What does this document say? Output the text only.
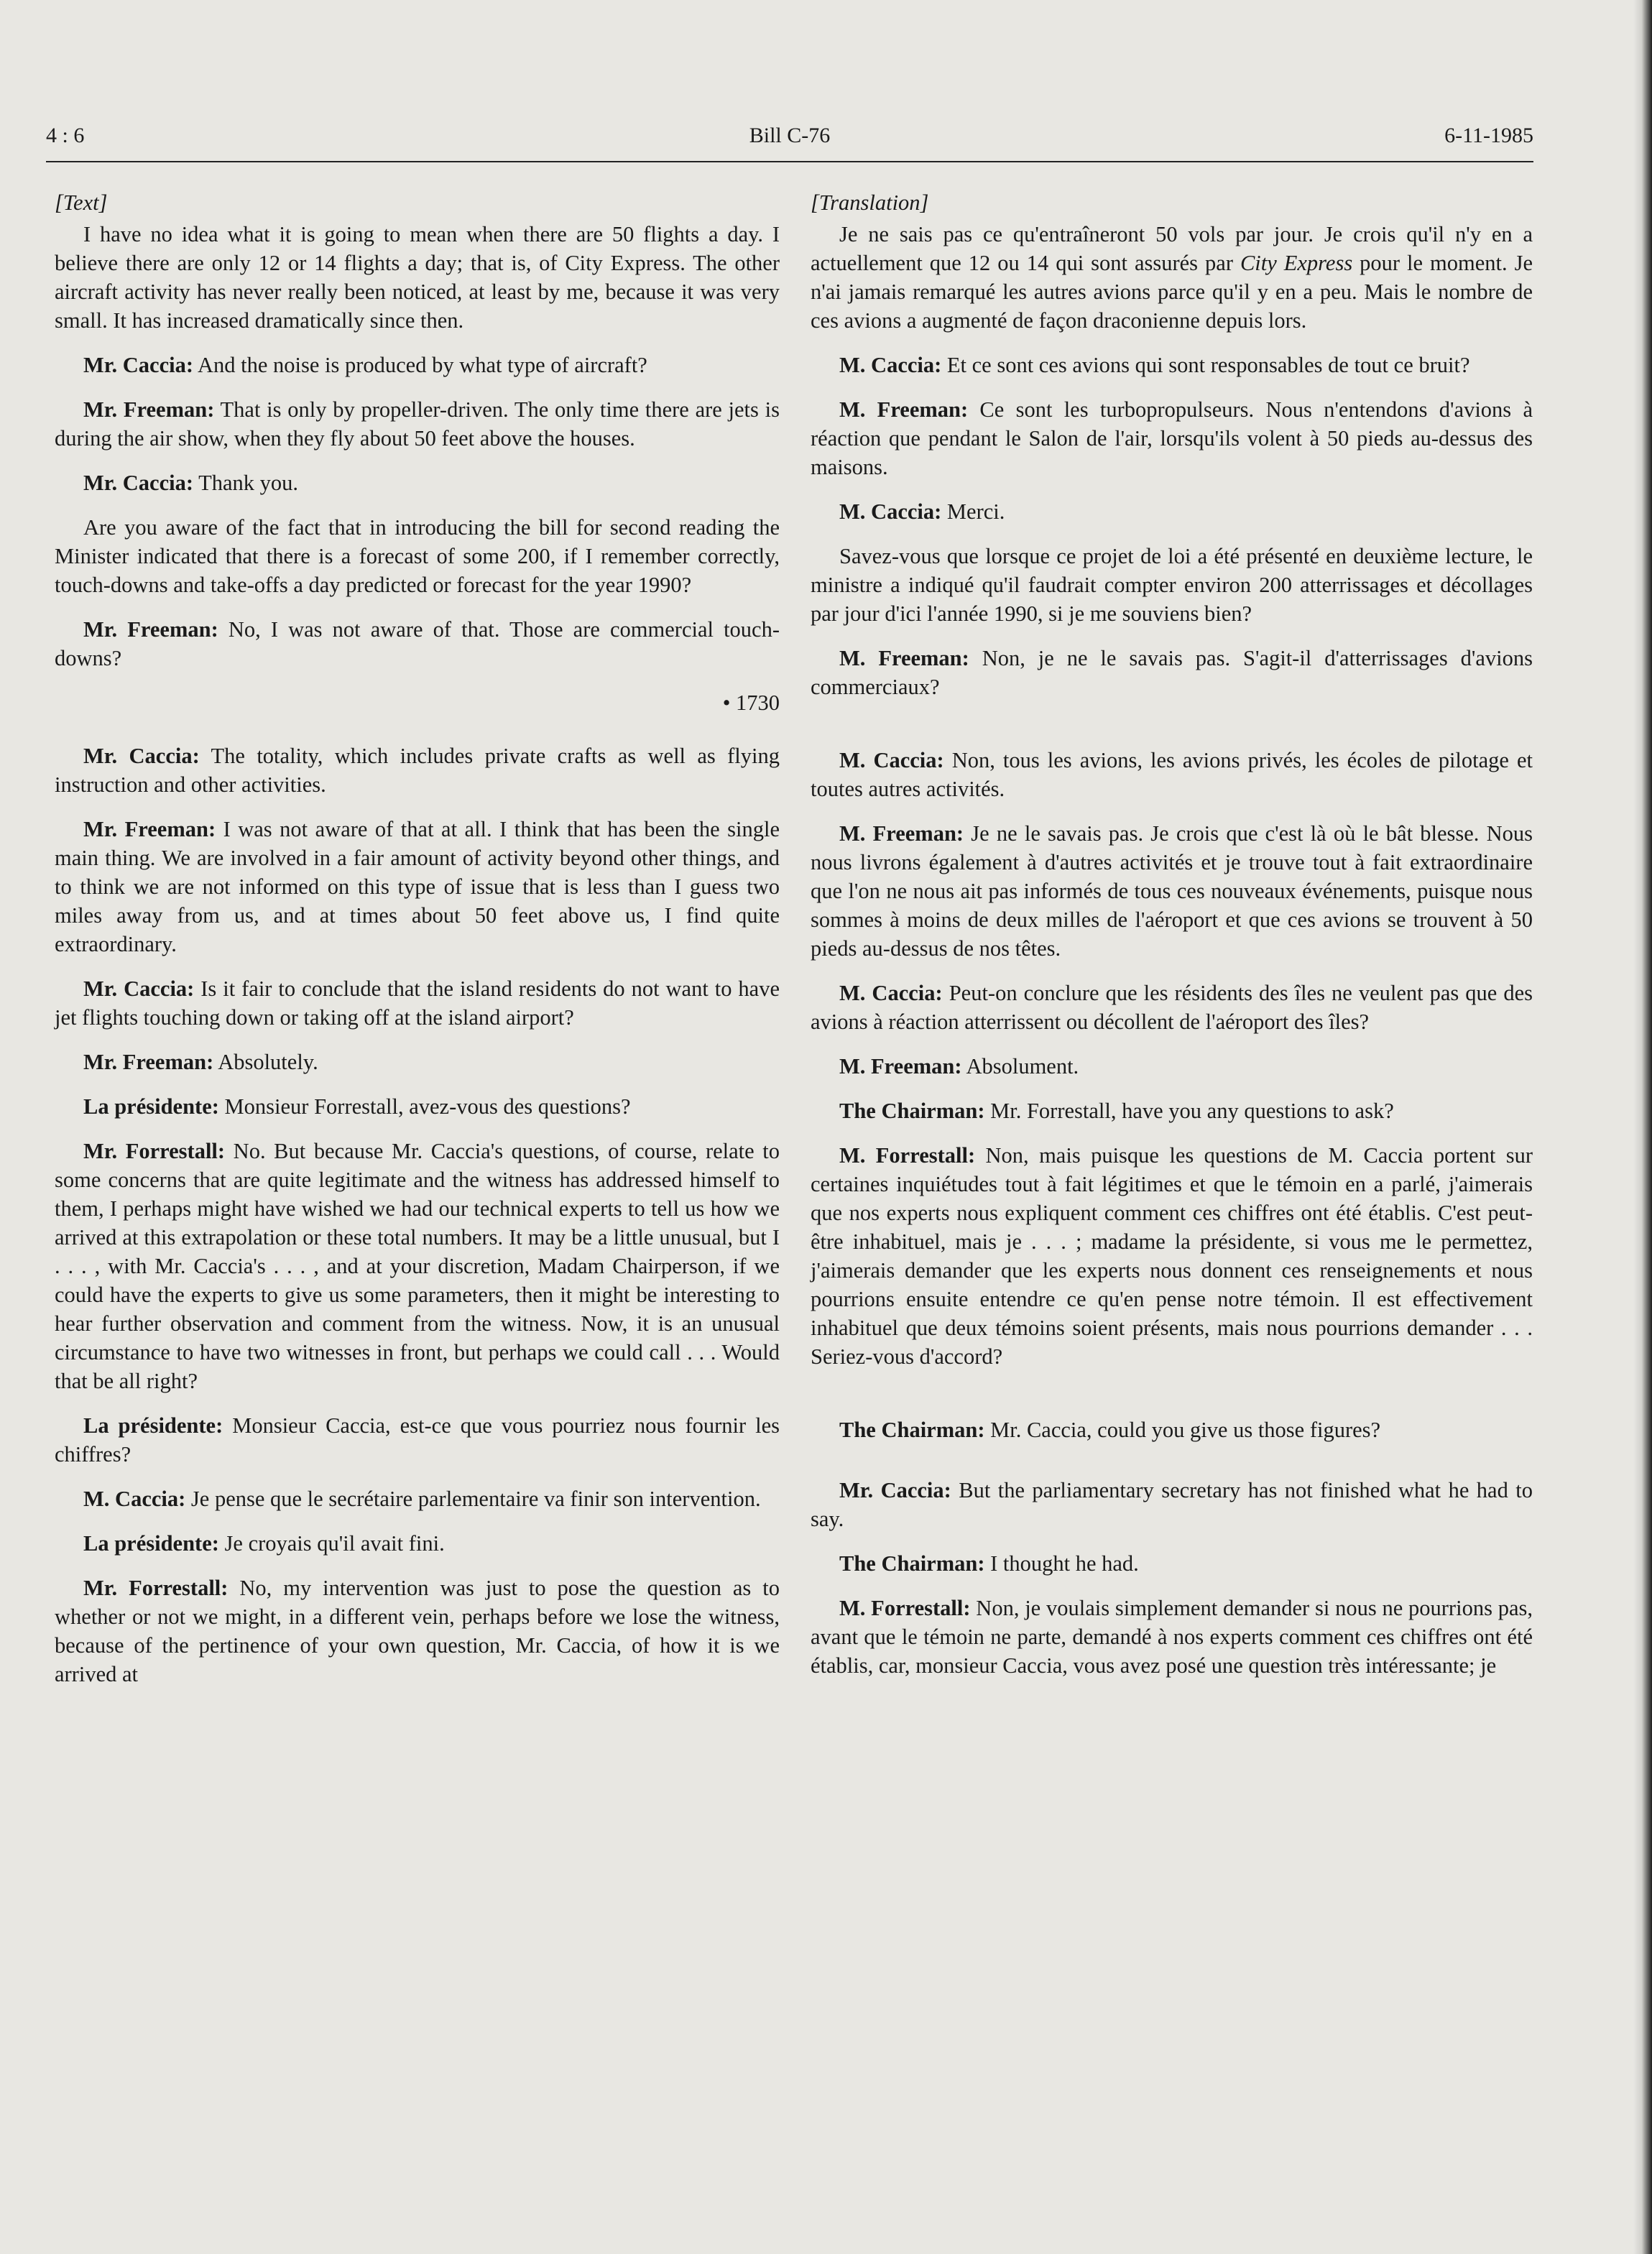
4 : 6	Bill C-76	6-11-1985

[Text]

I have no idea what it is going to mean when there are 50 flights a day. I believe there are only 12 or 14 flights a day; that is, of City Express. The other aircraft activity has never really been noticed, at least by me, because it was very small. It has increased dramatically since then.

Mr. Caccia: And the noise is produced by what type of aircraft?

Mr. Freeman: That is only by propeller-driven. The only time there are jets is during the air show, when they fly about 50 feet above the houses.

Mr. Caccia: Thank you.

Are you aware of the fact that in introducing the bill for second reading the Minister indicated that there is a forecast of some 200, if I remember correctly, touch-downs and take-offs a day predicted or forecast for the year 1990?

Mr. Freeman: No, I was not aware of that. Those are commercial touch-downs?

• 1730

Mr. Caccia: The totality, which includes private crafts as well as flying instruction and other activities.

Mr. Freeman: I was not aware of that at all. I think that has been the single main thing. We are involved in a fair amount of activity beyond other things, and to think we are not informed on this type of issue that is less than I guess two miles away from us, and at times about 50 feet above us, I find quite extraordinary.

Mr. Caccia: Is it fair to conclude that the island residents do not want to have jet flights touching down or taking off at the island airport?

Mr. Freeman: Absolutely.

La présidente: Monsieur Forrestall, avez-vous des questions?

Mr. Forrestall: No. But because Mr. Caccia's questions, of course, relate to some concerns that are quite legitimate and the witness has addressed himself to them, I perhaps might have wished we had our technical experts to tell us how we arrived at this extrapolation or these total numbers. It may be a little unusual, but I . . . , with Mr. Caccia's . . . , and at your discretion, Madam Chairperson, if we could have the experts to give us some parameters, then it might be interesting to hear further observation and comment from the witness. Now, it is an unusual circumstance to have two witnesses in front, but perhaps we could call . . . Would that be all right?

La présidente: Monsieur Caccia, est-ce que vous pourriez nous fournir les chiffres?

M. Caccia: Je pense que le secrétaire parlementaire va finir son intervention.

La présidente: Je croyais qu'il avait fini.

Mr. Forrestall: No, my intervention was just to pose the question as to whether or not we might, in a different vein, perhaps before we lose the witness, because of the pertinence of your own question, Mr. Caccia, of how it is we arrived at

[Translation]

Je ne sais pas ce qu'entraîneront 50 vols par jour. Je crois qu'il n'y en a actuellement que 12 ou 14 qui sont assurés par City Express pour le moment. Je n'ai jamais remarqué les autres avions parce qu'il y en a peu. Mais le nombre de ces avions a augmenté de façon draconienne depuis lors.

M. Caccia: Et ce sont ces avions qui sont responsables de tout ce bruit?

M. Freeman: Ce sont les turbopropulseurs. Nous n'entendons d'avions à réaction que pendant le Salon de l'air, lorsqu'ils volent à 50 pieds au-dessus des maisons.

M. Caccia: Merci.

Savez-vous que lorsque ce projet de loi a été présenté en deuxième lecture, le ministre a indiqué qu'il faudrait compter environ 200 atterrissages et décollages par jour d'ici l'année 1990, si je me souviens bien?

M. Freeman: Non, je ne le savais pas. S'agit-il d'atterrissages d'avions commerciaux?

M. Caccia: Non, tous les avions, les avions privés, les écoles de pilotage et toutes autres activités.

M. Freeman: Je ne le savais pas. Je crois que c'est là où le bât blesse. Nous nous livrons également à d'autres activités et je trouve tout à fait extraordinaire que l'on ne nous ait pas informés de tous ces nouveaux événements, puisque nous sommes à moins de deux milles de l'aéroport et que ces avions se trouvent à 50 pieds au-dessus de nos têtes.

M. Caccia: Peut-on conclure que les résidents des îles ne veulent pas que des avions à réaction atterrissent ou décollent de l'aéroport des îles?

M. Freeman: Absolument.

The Chairman: Mr. Forrestall, have you any questions to ask?

M. Forrestall: Non, mais puisque les questions de M. Caccia portent sur certaines inquiétudes tout à fait légitimes et que le témoin en a parlé, j'aimerais que nos experts nous expliquent comment ces chiffres ont été établis. C'est peut-être inhabituel, mais je . . . ; madame la présidente, si vous me le permettez, j'aimerais demander que les experts nous donnent ces renseignements et nous pourrions ensuite entendre ce qu'en pense notre témoin. Il est effectivement inhabituel que deux témoins soient présents, mais nous pourrions demander . . . Seriez-vous d'accord?

The Chairman: Mr. Caccia, could you give us those figures?

Mr. Caccia: But the parliamentary secretary has not finished what he had to say.

The Chairman: I thought he had.

M. Forrestall: Non, je voulais simplement demander si nous ne pourrions pas, avant que le témoin ne parte, demandé à nos experts comment ces chiffres ont été établis, car, monsieur Caccia, vous avez posé une question très intéressante; je
